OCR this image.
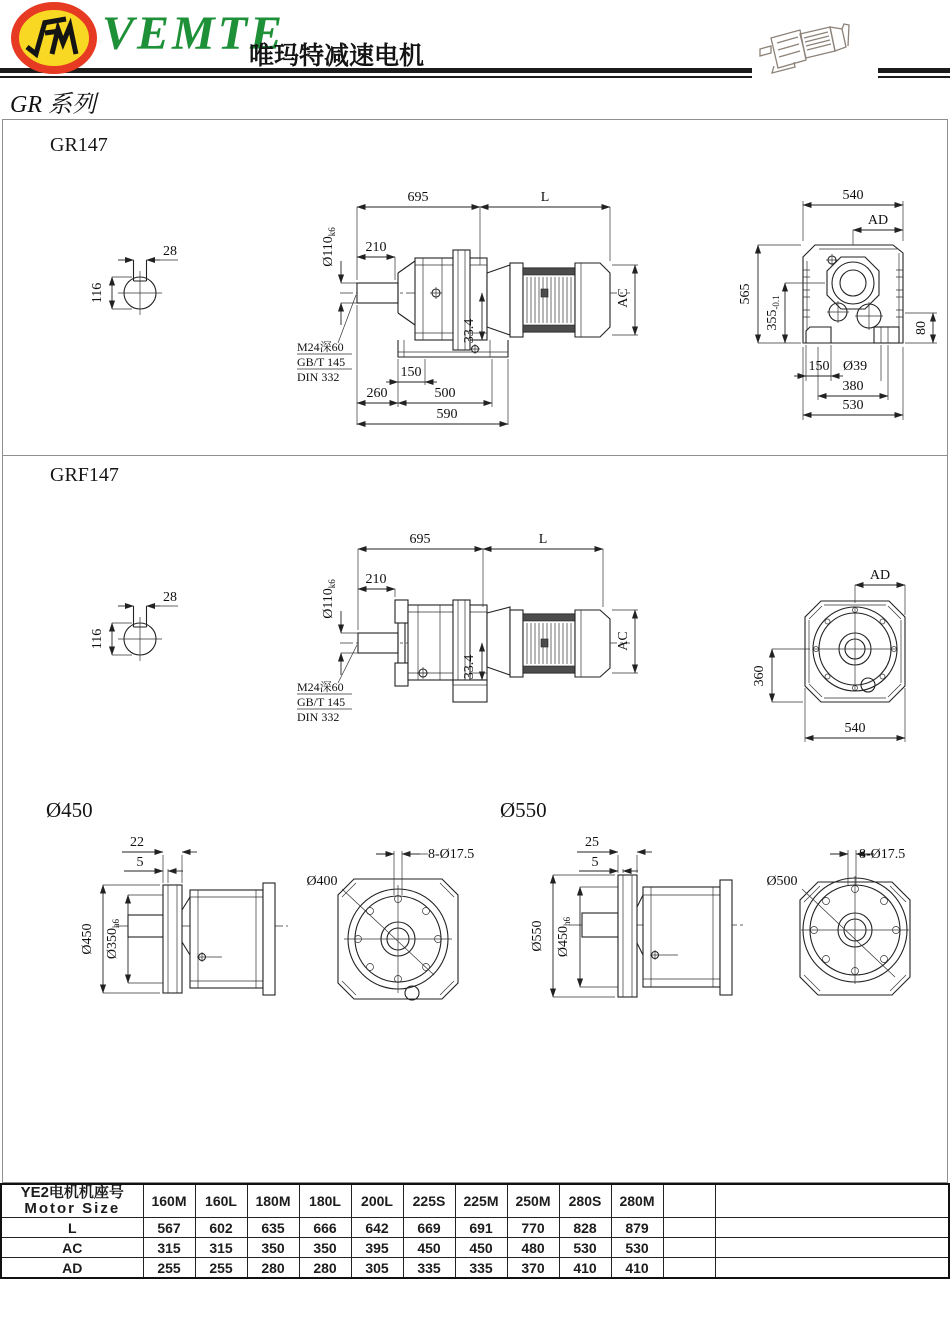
VEMTE
唯玛特减速电机
GR 系列
GR147
28
116
695	L
210
$Ø110_{k6}$
M24深60
GB/T 145
DIN 332
33.4
AC
150
260	500
590
540
AD
565
$355_{-0.1}$
80
150 Ø39
380
530
GRF147
28
116
695	L
210
$Ø110_{k6}$
M24深60
GB/T 145
DIN 332
33.4
AC
AD
360
540
Ø450
22
5
Ø450 $Ø350_{h6}$
Ø400
8-Ø17.5
Ø550
25
5
Ø550 $Ø450_{h6}$
Ø500
8-Ø17.5
YE2电机机座号
Motor Size	160M	160L	180M	180L	200L	225S	225M	250M	280S	280M		
L	567	602	635	666	642	669	691	770	828	879		
AC	315	315	350	350	395	450	450	480	530	530		
AD	255	255	280	280	305	335	335	370	410	410		
